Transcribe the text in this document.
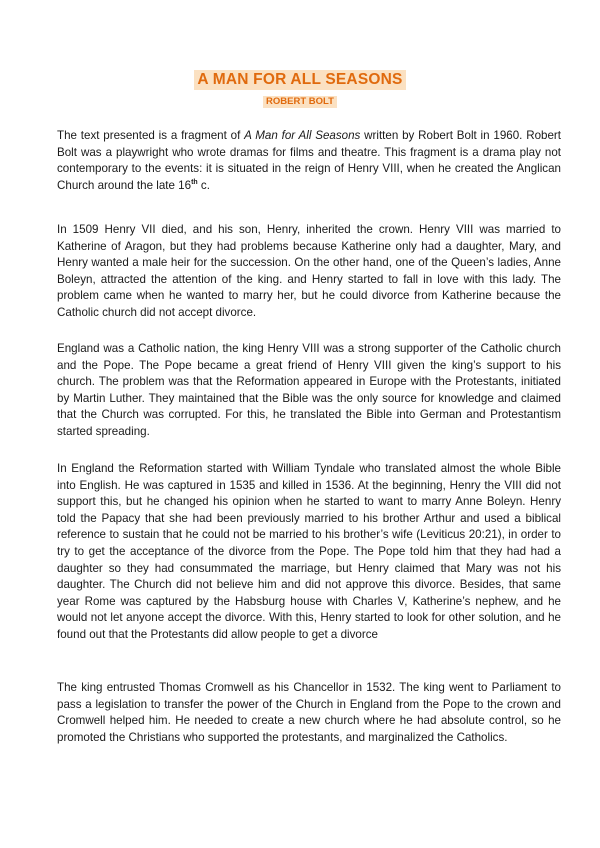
A MAN FOR ALL SEASONS
ROBERT BOLT

The text presented is a fragment of A Man for All Seasons written by Robert Bolt in 1960. Robert Bolt was a playwright who wrote dramas for films and theatre. This fragment is a drama play not contemporary to the events: it is situated in the reign of Henry VIII, when he created the Anglican Church around the late 16th c.

In 1509 Henry VII died, and his son, Henry, inherited the crown. Henry VIII was married to Katherine of Aragon, but they had problems because Katherine only had a daughter, Mary, and Henry wanted a male heir for the succession. On the other hand, one of the Queen’s ladies, Anne Boleyn, attracted the attention of the king. and Henry started to fall in love with this lady. The problem came when he wanted to marry her, but he could divorce from Katherine because the Catholic church did not accept divorce.

England was a Catholic nation, the king Henry VIII was a strong supporter of the Catholic church and the Pope. The Pope became a great friend of Henry VIII given the king’s support to his church. The problem was that the Reformation appeared in Europe with the Protestants, initiated by Martin Luther. They maintained that the Bible was the only source for knowledge and claimed that the Church was corrupted. For this, he translated the Bible into German and Protestantism started spreading.

In England the Reformation started with William Tyndale who translated almost the whole Bible into English. He was captured in 1535 and killed in 1536. At the beginning, Henry the VIII did not support this, but he changed his opinion when he started to want to marry Anne Boleyn. Henry told the Papacy that she had been previously married to his brother Arthur and used a biblical reference to sustain that he could not be married to his brother’s wife (Leviticus 20:21), in order to try to get the acceptance of the divorce from the Pope. The Pope told him that they had had a daughter so they had consummated the marriage, but Henry claimed that Mary was not his daughter. The Church did not believe him and did not approve this divorce. Besides, that same year Rome was captured by the Habsburg house with Charles V, Katherine’s nephew, and he would not let anyone accept the divorce. With this, Henry started to look for other solution, and he found out that the Protestants did allow people to get a divorce

The king entrusted Thomas Cromwell as his Chancellor in 1532. The king went to Parliament to pass a legislation to transfer the power of the Church in England from the Pope to the crown and Cromwell helped him. He needed to create a new church where he had absolute control, so he promoted the Christians who supported the protestants, and marginalized the Catholics.
